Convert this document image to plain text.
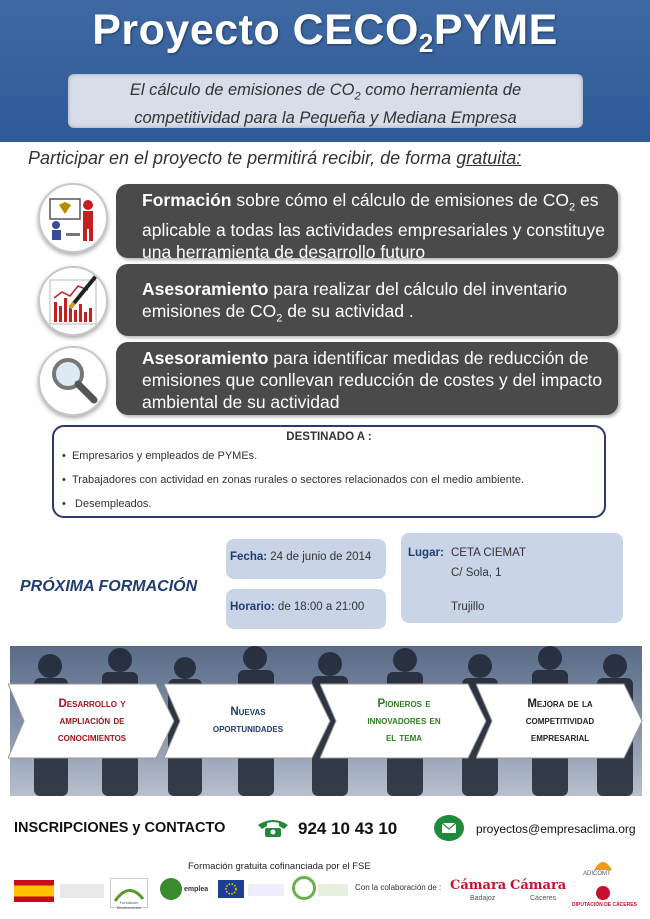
Proyecto $CECO_2PYME$
El cálculo de emisiones de $CO_2$ como herramienta de
competitividad para la Pequeña y Mediana Empresa
Participar en el proyecto te permitirá recibir, de forma gratuita:
Formación sobre cómo el cálculo de emisiones de $CO_2$ es aplicable a todas las actividades empresariales y constituye una herramienta de desarrollo futuro
Asesoramiento para realizar del cálculo del inventario emisiones de $CO_2$ de su actividad .
Asesoramiento para identificar medidas de reducción de emisiones que conllevan reducción de costes y del impacto ambiental de su actividad
DESTINADO A :
•  Empresarios y empleados de PYMEs.
•  Trabajadores con actividad en zonas rurales o sectores relacionados con el medio ambiente.
•   Desempleados.
PRÓXIMA FORMACIÓN
Fecha: 24 de junio de 2014
Horario: de 18:00 a 21:00
Lugar: CETA CIEMAT
C/ Sola, 1
Trujillo
Desarrollo y
ampliación de
conocimientos
Nuevas
oportunidades
Pioneros e
innovadores en
el tema
Mejora de la
competitividad
empresarial
INSCRIPCIONES y CONTACTO	924 10 43 10	proyectos@empresaclima.org
Formación gratuita cofinanciada por el FSE
Con la colaboración de :
Fundación Biodiversidad
emplea	Cámara
Badajoz
Cámara
Cáceres
ADICOMT
DIPUTACIÓN DE CÁCERES
